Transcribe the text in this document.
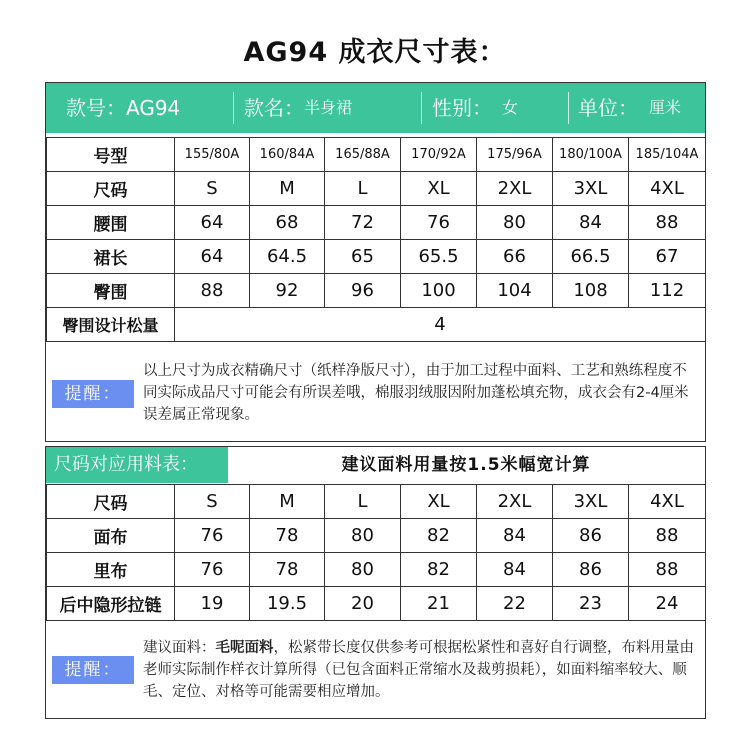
AG94 成衣尺寸表：
款号：AG94	款名： 半身裙	性别： 女	单位： 厘米
号型	155/80A	160/84A	165/88A	170/92A	175/96A	180/100A	185/104A
尺码	S	M	L	XL	2XL	3XL	4XL
腰围	64	68	72	76	80	84	88
裙长	64	64.5	65	65.5	66	66.5	67
臀围	88	92	96	100	104	108	112
臀围设计松量	4						
提醒：
以上尺寸为成衣精确尺寸（纸样净版尺寸），由于加工过程中面料、工艺和熟练程度不同实际成品尺寸可能会有所误差哦，棉服羽绒服因附加蓬松填充物，成衣会有2-4厘米误差属正常现象。
尺码对应用料表：	建议面料用量按1.5米幅宽计算
尺码	S	M	L	XL	2XL	3XL	4XL
面布	76	78	80	82	84	86	88
里布	76	78	80	82	84	86	88
后中隐形拉链	19	19.5	20	21	22	23	24
提醒：
建议面料：毛呢面料，松紧带长度仅供参考可根据松紧性和喜好自行调整，布料用量由老师实际制作样衣计算所得（已包含面料正常缩水及裁剪损耗），如面料缩率较大、顺毛、定位、对格等可能需要相应增加。
